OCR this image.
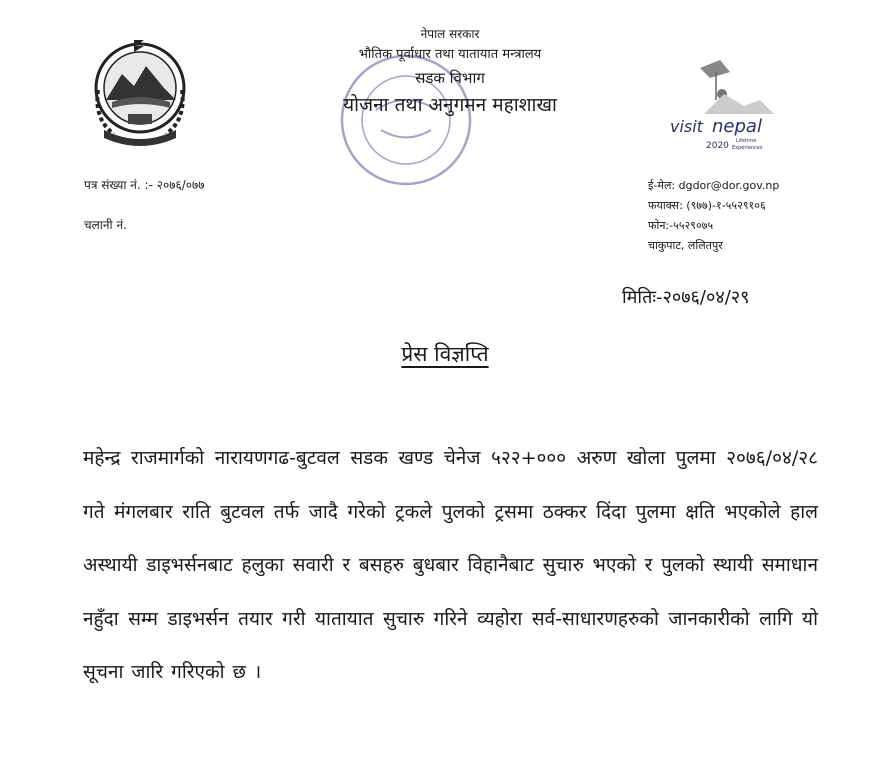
नेपाल सरकार
भौतिक पूर्वाधार तथा यातायात मन्त्रालय
सडक विभाग
योजना तथा अनुगमन महाशाखा
visit nepal
2020 Lifetime
Experiences
पत्र संख्या नं. :- २०७६/०७७
चलानी नं.
ई-मेल: dgdor@dor.gov.np
फयाक्स: (९७७)-१-५५२९१०६
फोन:-५५२९०७५
चाकुपाट, ललितपुर
मितिः-२०७६/०४/२९
प्रेस विज्ञप्ति
महेन्द्र राजमार्गको नारायणगढ-बुटवल सडक खण्ड चेनेज ५२२+००० अरुण खोला पुलमा २०७६/०४/२८ गते मंगलबार राति बुटवल तर्फ जादै गरेको ट्रकले पुलको ट्रसमा ठक्कर दिंदा पुलमा क्षति भएकोले हाल अस्थायी डाइभर्सनबाट हलुका सवारी र बसहरु बुधबार विहानैबाट सुचारु भएको र पुलको स्थायी समाधान नहुँदा सम्म डाइभर्सन तयार गरी यातायात सुचारु गरिने व्यहोरा सर्व-साधारणहरुको जानकारीको लागि यो सूचना जारि गरिएको छ ।
